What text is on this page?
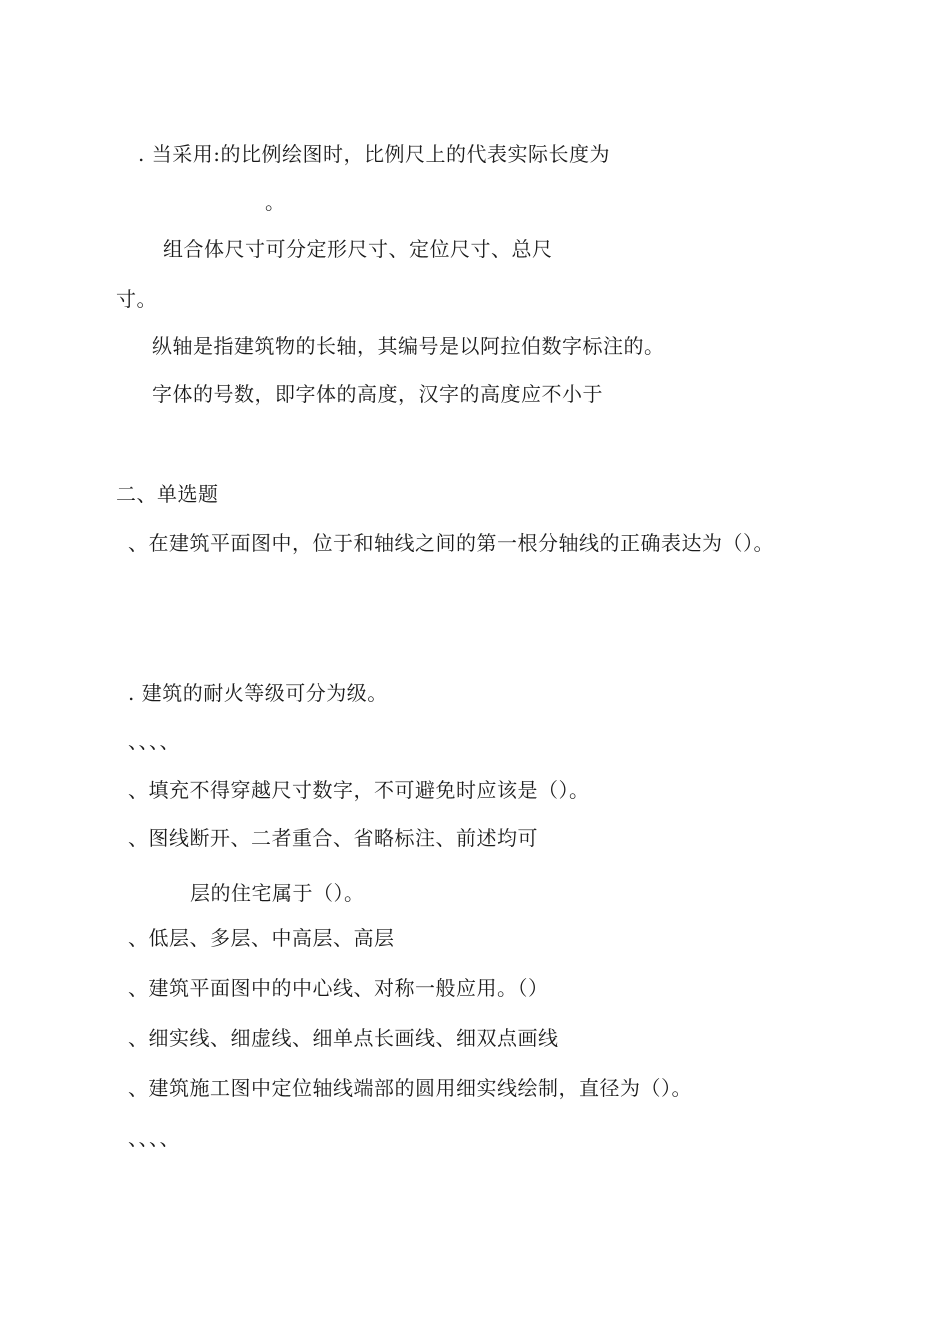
. 当采用:的比例绘图时，比例尺上的代表实际长度为
。
组合体尺寸可分定形尺寸、定位尺寸、总尺
寸。
纵轴是指建筑物的长轴，其编号是以阿拉伯数字标注的。
字体的号数，即字体的高度，汉字的高度应不小于
二、单选题
、在建筑平面图中，位于和轴线之间的第一根分轴线的正确表达为（）。
. 建筑的耐火等级可分为级。
、、、、
、填充不得穿越尺寸数字，不可避免时应该是（）。
、图线断开、二者重合、省略标注、前述均可
层的住宅属于（）。
、低层、多层、中高层、高层
、建筑平面图中的中心线、对称一般应用。（）
、细实线、细虚线、细单点长画线、细双点画线
、建筑施工图中定位轴线端部的圆用细实线绘制，直径为（）。
、、、、
